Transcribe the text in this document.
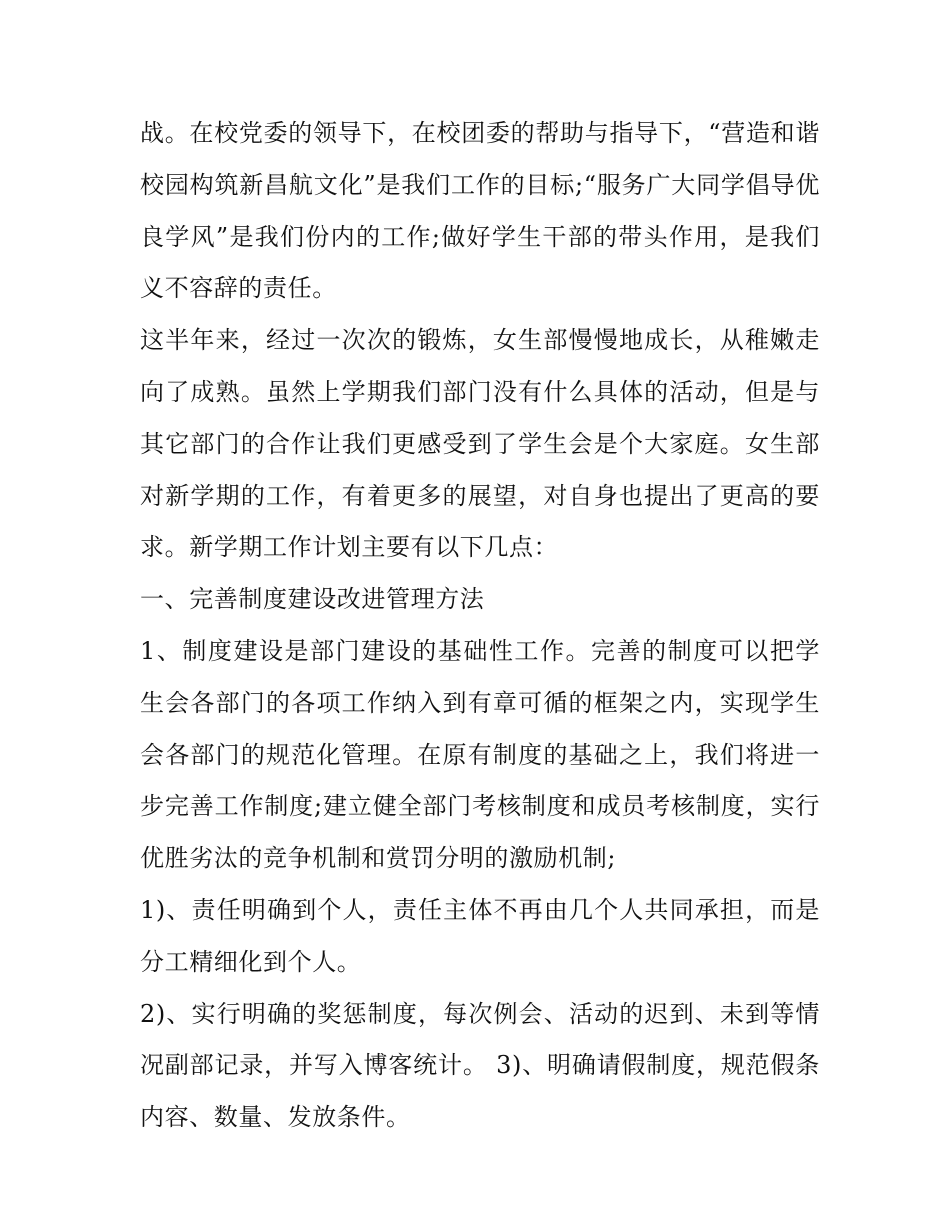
战。在校党委的领导下，在校团委的帮助与指导下，“营造和谐校园构筑新昌航文化”是我们工作的目标;“服务广大同学倡导优良学风”是我们份内的工作;做好学生干部的带头作用，是我们义不容辞的责任。

这半年来，经过一次次的锻炼，女生部慢慢地成长，从稚嫩走向了成熟。虽然上学期我们部门没有什么具体的活动，但是与其它部门的合作让我们更感受到了学生会是个大家庭。女生部对新学期的工作，有着更多的展望，对自身也提出了更高的要求。新学期工作计划主要有以下几点：

一、完善制度建设改进管理方法

1、制度建设是部门建设的基础性工作。完善的制度可以把学生会各部门的各项工作纳入到有章可循的框架之内，实现学生会各部门的规范化管理。在原有制度的基础之上，我们将进一步完善工作制度;建立健全部门考核制度和成员考核制度，实行优胜劣汰的竞争机制和赏罚分明的激励机制;

1)、责任明确到个人，责任主体不再由几个人共同承担，而是分工精细化到个人。

2)、实行明确的奖惩制度，每次例会、活动的迟到、未到等情况副部记录，并写入博客统计。 3)、明确请假制度，规范假条内容、数量、发放条件。
